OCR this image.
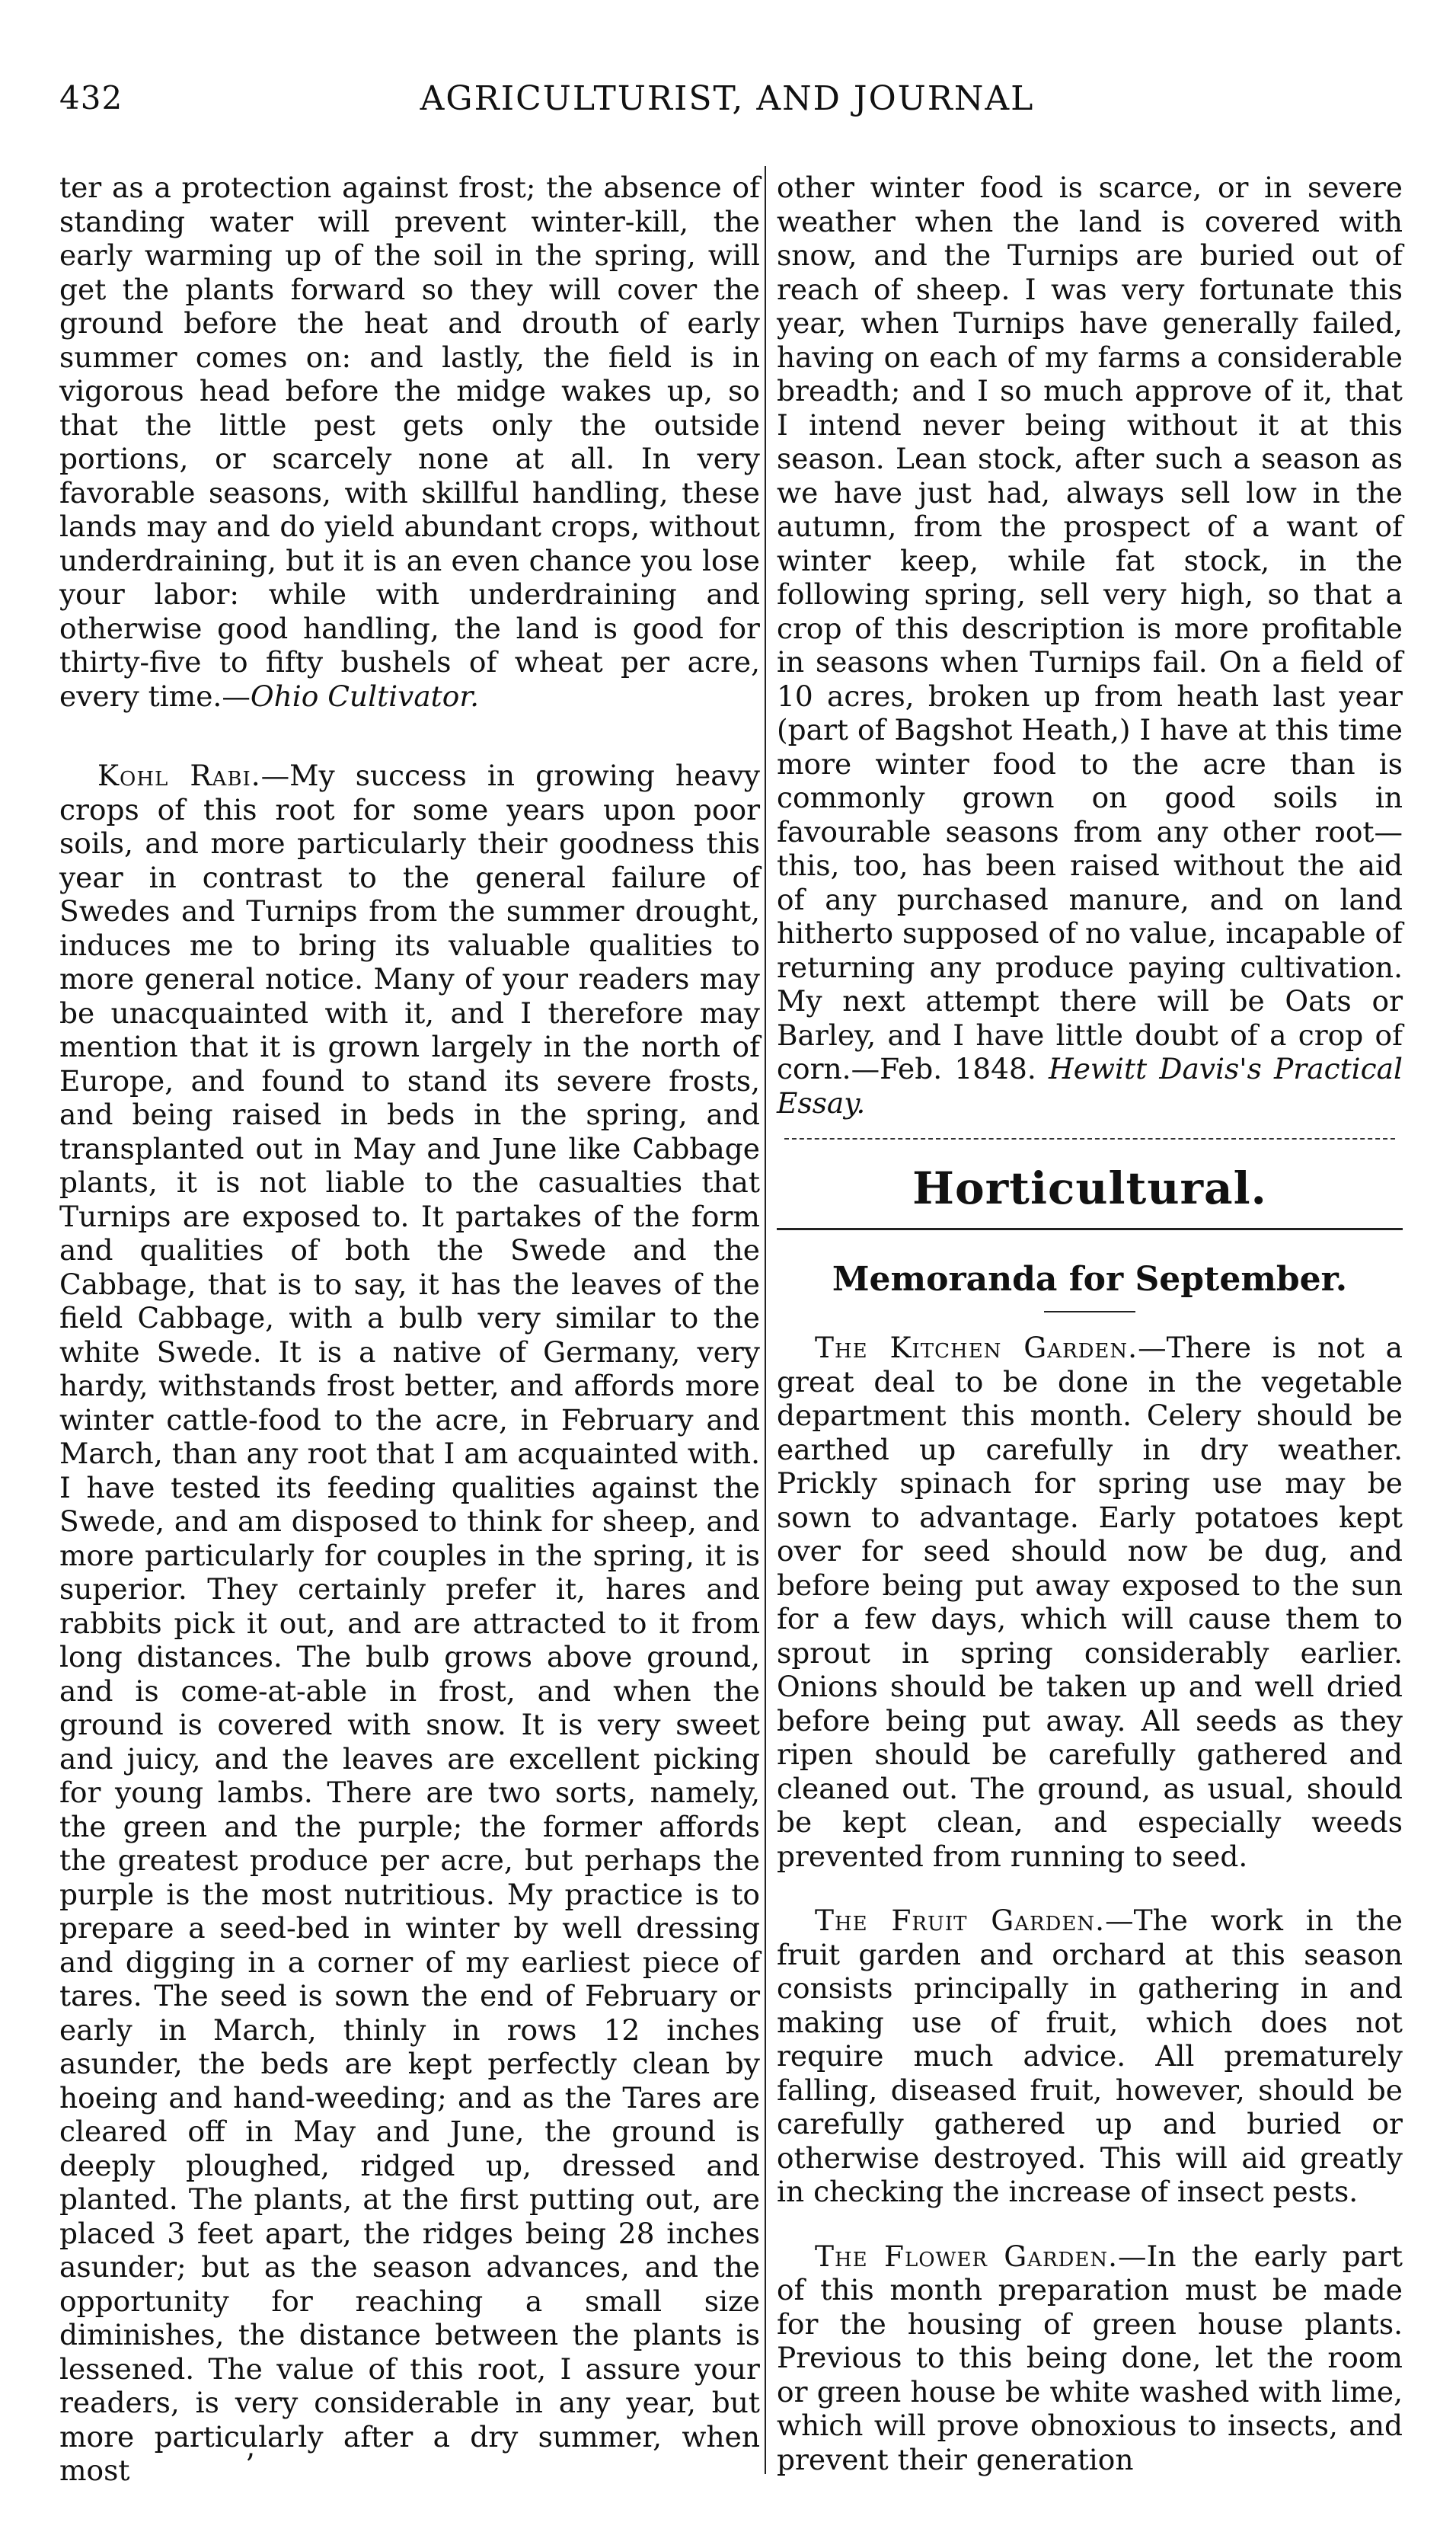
432	AGRICULTURIST, AND JOURNAL

ter as a protection against frost; the absence of standing water will prevent winter-kill, the early warming up of the soil in the spring, will get the plants forward so they will cover the ground before the heat and drouth of early summer comes on: and lastly, the field is in vigorous head before the midge wakes up, so that the little pest gets only the outside portions, or scarcely none at all. In very favorable seasons, with skillful handling, these lands may and do yield abundant crops, without underdraining, but it is an even chance you lose your labor: while with underdraining and otherwise good handling, the land is good for thirty-five to fifty bushels of wheat per acre, every time.—Ohio Cultivator.

Kohl Rabi.—My success in growing heavy crops of this root for some years upon poor soils, and more particularly their goodness this year in contrast to the general failure of Swedes and Turnips from the summer drought, induces me to bring its valuable qualities to more general notice. Many of your readers may be unacquainted with it, and I therefore may mention that it is grown largely in the north of Europe, and found to stand its severe frosts, and being raised in beds in the spring, and transplanted out in May and June like Cabbage plants, it is not liable to the casualties that Turnips are exposed to. It partakes of the form and qualities of both the Swede and the Cabbage, that is to say, it has the leaves of the field Cabbage, with a bulb very similar to the white Swede. It is a native of Germany, very hardy, withstands frost better, and affords more winter cattle-food to the acre, in February and March, than any root that I am acquainted with. I have tested its feeding qualities against the Swede, and am disposed to think for sheep, and more particularly for couples in the spring, it is superior. They certainly prefer it, hares and rabbits pick it out, and are attracted to it from long distances. The bulb grows above ground, and is come-at-able in frost, and when the ground is covered with snow. It is very sweet and juicy, and the leaves are excellent picking for young lambs. There are two sorts, namely, the green and the purple; the former affords the greatest produce per acre, but perhaps the purple is the most nutritious. My practice is to prepare a seed-bed in winter by well dressing and digging in a corner of my earliest piece of tares. The seed is sown the end of February or early in March, thinly in rows 12 inches asunder, the beds are kept perfectly clean by hoeing and hand-weeding; and as the Tares are cleared off in May and June, the ground is deeply ploughed, ridged up, dressed and planted. The plants, at the first putting out, are placed 3 feet apart, the ridges being 28 inches asunder; but as the season advances, and the opportunity for reaching a small size diminishes, the distance between the plants is lessened. The value of this root, I assure your readers, is very considerable in any year, but more particularly after a dry summer, when most

other winter food is scarce, or in severe weather when the land is covered with snow, and the Turnips are buried out of reach of sheep. I was very fortunate this year, when Turnips have generally failed, having on each of my farms a considerable breadth; and I so much approve of it, that I intend never being without it at this season. Lean stock, after such a season as we have just had, always sell low in the autumn, from the prospect of a want of winter keep, while fat stock, in the following spring, sell very high, so that a crop of this description is more profitable in seasons when Turnips fail. On a field of 10 acres, broken up from heath last year (part of Bagshot Heath,) I have at this time more winter food to the acre than is commonly grown on good soils in favourable seasons from any other root—this, too, has been raised without the aid of any purchased manure, and on land hitherto supposed of no value, incapable of returning any produce paying cultivation. My next attempt there will be Oats or Barley, and I have little doubt of a crop of corn.—Feb. 1848. Hewitt Davis's Practical Essay.

Horticultural.
Memoranda for September.

The Kitchen Garden.—There is not a great deal to be done in the vegetable department this month. Celery should be earthed up carefully in dry weather. Prickly spinach for spring use may be sown to advantage. Early potatoes kept over for seed should now be dug, and before being put away exposed to the sun for a few days, which will cause them to sprout in spring considerably earlier. Onions should be taken up and well dried before being put away. All seeds as they ripen should be carefully gathered and cleaned out. The ground, as usual, should be kept clean, and especially weeds prevented from running to seed.

The Fruit Garden.—The work in the fruit garden and orchard at this season consists principally in gathering in and making use of fruit, which does not require much advice. All prematurely falling, diseased fruit, however, should be carefully gathered up and buried or otherwise destroyed. This will aid greatly in checking the increase of insect pests.

The Flower Garden.—In the early part of this month preparation must be made for the housing of green house plants. Previous to this being done, let the room or green house be white washed with lime, which will prove obnoxious to insects, and prevent their generation

’
